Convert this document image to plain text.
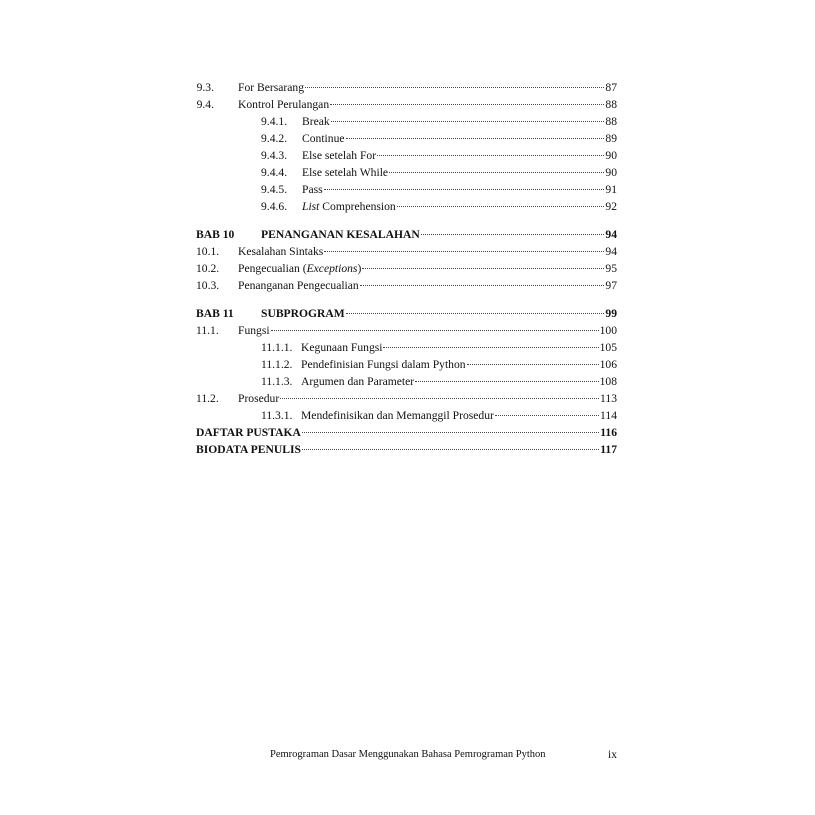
9.3.	For Bersarang	87
9.4.	Kontrol Perulangan	88
9.4.1.	Break	88
9.4.2.	Continue	89
9.4.3.	Else setelah For	90
9.4.4.	Else setelah While	90
9.4.5.	Pass	91
9.4.6.	List Comprehension	92
BAB 10	PENANGANAN KESALAHAN	94
10.1.	Kesalahan Sintaks	94
10.2.	Pengecualian (Exceptions)	95
10.3.	Penanganan Pengecualian	97
BAB 11	SUBPROGRAM	99
11.1.	Fungsi	100
11.1.1. Kegunaan Fungsi	105
11.1.2. Pendefinisian Fungsi dalam Python	106
11.1.3. Argumen dan Parameter	108
11.2.	Prosedur	113
11.3.1. Mendefinisikan dan Memanggil Prosedur	114
DAFTAR PUSTAKA	116
BIODATA PENULIS	117
Pemrograman Dasar Menggunakan Bahasa Pemrograman Python	ix
